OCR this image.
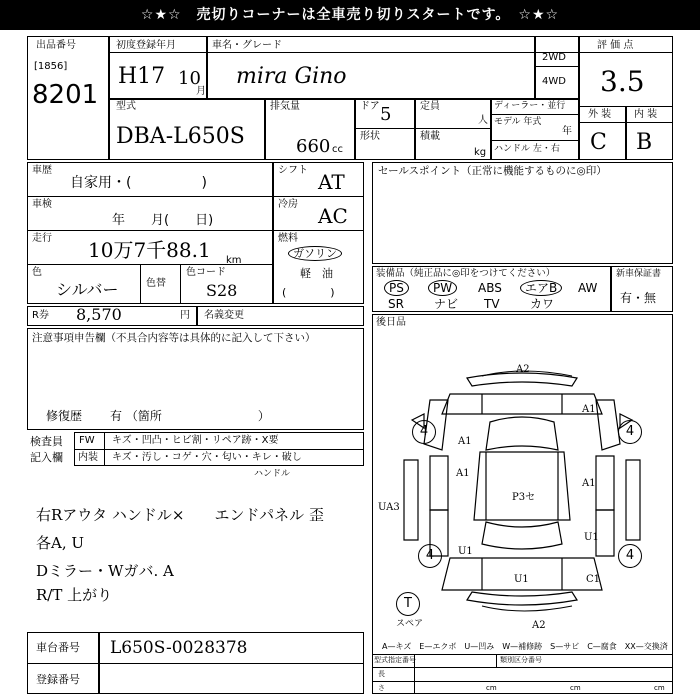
☆★☆　売切りコーナーは全車売り切りスタートです。　☆★☆
出品番号
[1856]
8201
初度登録年月
H17 10
月
車名・グレード
mira Gino
2WD
4WD
評 価 点
3.5
型式
DBA-L650S
排気量
660 cc
ドア 5
形状
定員
人
積載
kg
ディーラー・並行
モデル 年式
年
ハンドル 左・右
外 装 内 装
C B
車歴
自家用・(　　　　　)
車検
年　　月(　　日)
走行 10万7千88.1 km
色
シルバー	色替
色コード
S28
シフト AT
冷房 AC
燃料
ガソリン
軽　油
(　　　　)
R券 8,570	円 名義変更
注意事項申告欄（不具合内容等は具体的に記入して下さい）
修復歴 有 （箇所　　　　　　　　）
検査員
記入欄
FW キズ・凹凸・ヒビ割・リペア跡・X要
内装 キズ・汚し・コゲ・穴・匂い・キレ・破し
ハンドル
右Rアウタ ハンドル×　　エンドパネル 歪
各A, U
Dミラー・Wガバ. A
R/T 上がり
車台番号 L650S-0028378
登録番号
セールスポイント（正常に機能するものに◎印）
装備品（純正品に◎印をつけてください）	新車保証書
有・無
PS	PW	ABS	エアB	AW
SR	ナビ TV	カワ
後日品
A2
A1
A1
A1
A1
P3セ
U1
U1
C1
UA3
U1
A2
4	4
4	4
T
スペア
A—キズ　E—エクボ　U—凹み　W—補修跡　S—サビ　C—腐食　XX—交換済
型式指定番号	類別区分番号
長
さ	cm	cm	cm
